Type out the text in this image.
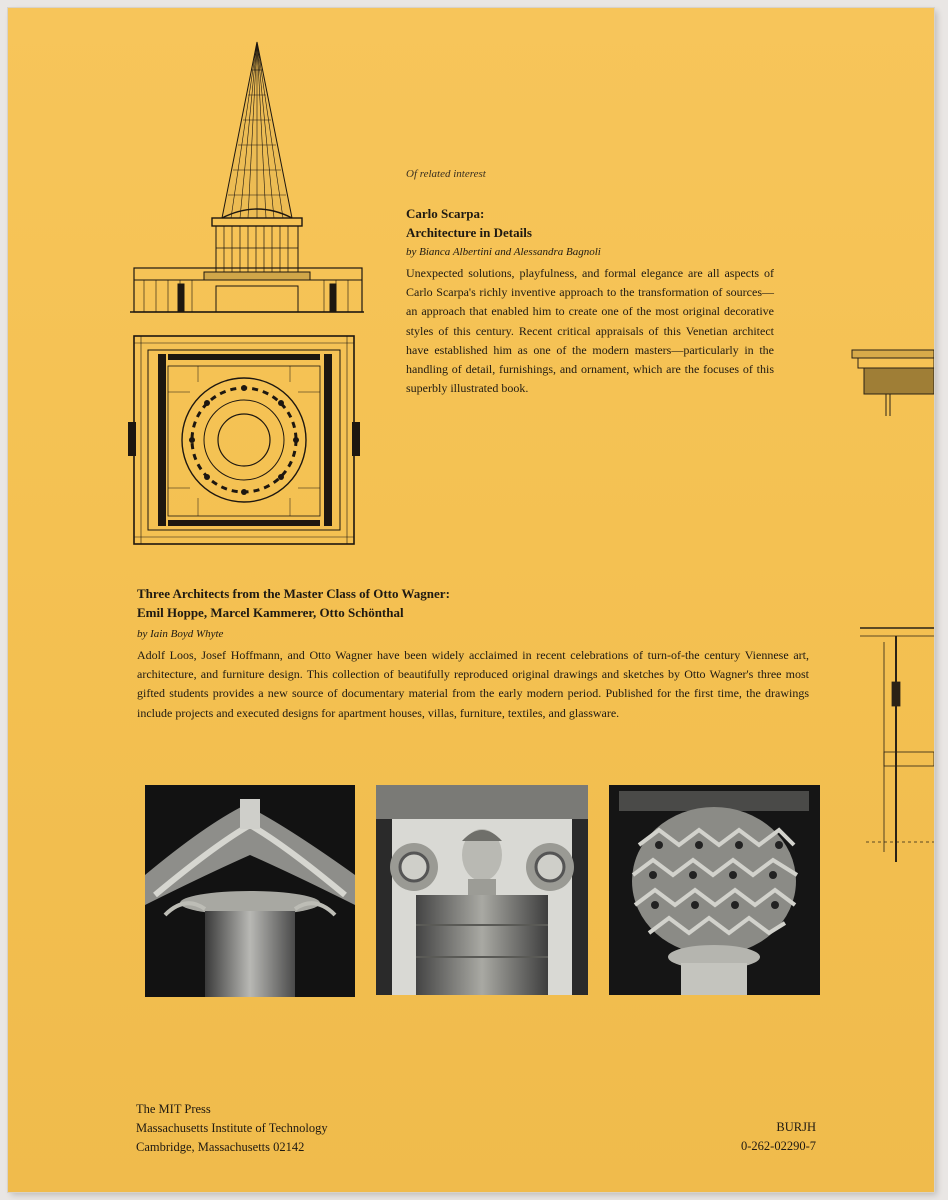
Of related interest

Carlo Scarpa:
Architecture in Details

by Bianca Albertini and Alessandra Bagnoli

Unexpected solutions, playfulness, and formal elegance are all aspects of Carlo Scarpa's richly inventive approach to the transformation of sources—an approach that enabled him to create one of the most original decorative styles of this century. Recent critical appraisals of this Venetian architect have established him as one of the modern masters—particularly in the handling of detail, furnishings, and ornament, which are the focuses of this superbly illustrated book.

Three Architects from the Master Class of Otto Wagner:
Emil Hoppe, Marcel Kammerer, Otto Schönthal

by Iain Boyd Whyte

Adolf Loos, Josef Hoffmann, and Otto Wagner have been widely acclaimed in recent celebrations of turn-of-the century Viennese art, architecture, and furniture design. This collection of beautifully reproduced original drawings and sketches by Otto Wagner's three most gifted students provides a new source of documentary material from the early modern period. Published for the first time, the drawings include projects and executed designs for apartment houses, villas, furniture, textiles, and glassware.

The MIT Press
Massachusetts Institute of Technology
Cambridge, Massachusetts 02142
BURJH
0-262-02290-7
